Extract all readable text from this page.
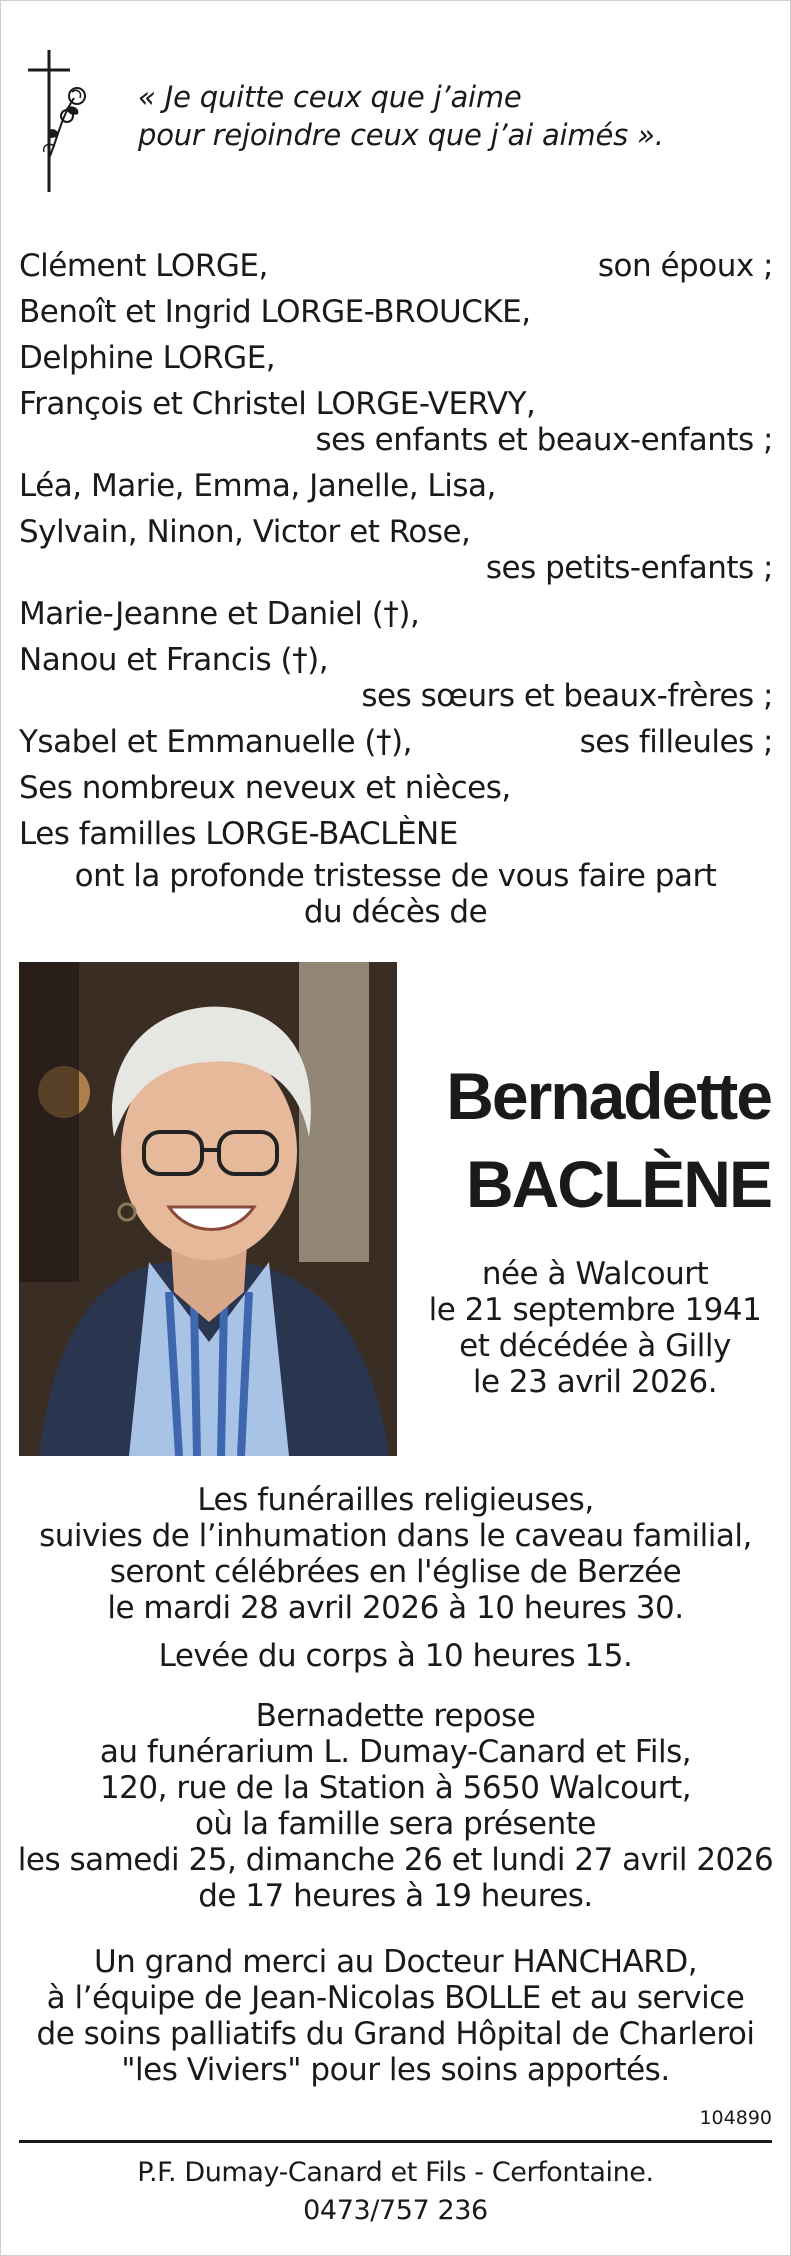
« Je quitte ceux que j’aime
pour rejoindre ceux que j’ai aimés ».
Clément LORGE,	son époux ;
Benoît et Ingrid LORGE-BROUCKE,
Delphine LORGE,
François et Christel LORGE-VERVY,
ses enfants et beaux-enfants ;
Léa, Marie, Emma, Janelle, Lisa,
Sylvain, Ninon, Victor et Rose,
ses petits-enfants ;
Marie-Jeanne et Daniel (†),
Nanou et Francis (†),
ses sœurs et beaux-frères ;
Ysabel et Emmanuelle (†),	ses filleules ;
Ses nombreux neveux et nièces,
Les familles LORGE-BACLÈNE
ont la profonde tristesse de vous faire part
du décès de
Bernadette
BACLÈNE
née à Walcourt
le 21 septembre 1941
et décédée à Gilly
le 23 avril 2026.
Les funérailles religieuses,
suivies de l’inhumation dans le caveau familial,
seront célébrées en l'église de Berzée
le mardi 28 avril 2026 à 10 heures 30.
Levée du corps à 10 heures 15.
Bernadette repose
au funérarium L. Dumay-Canard et Fils,
120, rue de la Station à 5650 Walcourt,
où la famille sera présente
les samedi 25, dimanche 26 et lundi 27 avril 2026
de 17 heures à 19 heures.
Un grand merci au Docteur HANCHARD,
à l’équipe de Jean-Nicolas BOLLE et au service
de soins palliatifs du Grand Hôpital de Charleroi
"les Viviers" pour les soins apportés.
104890
P.F. Dumay-Canard et Fils - Cerfontaine.
0473/757 236
